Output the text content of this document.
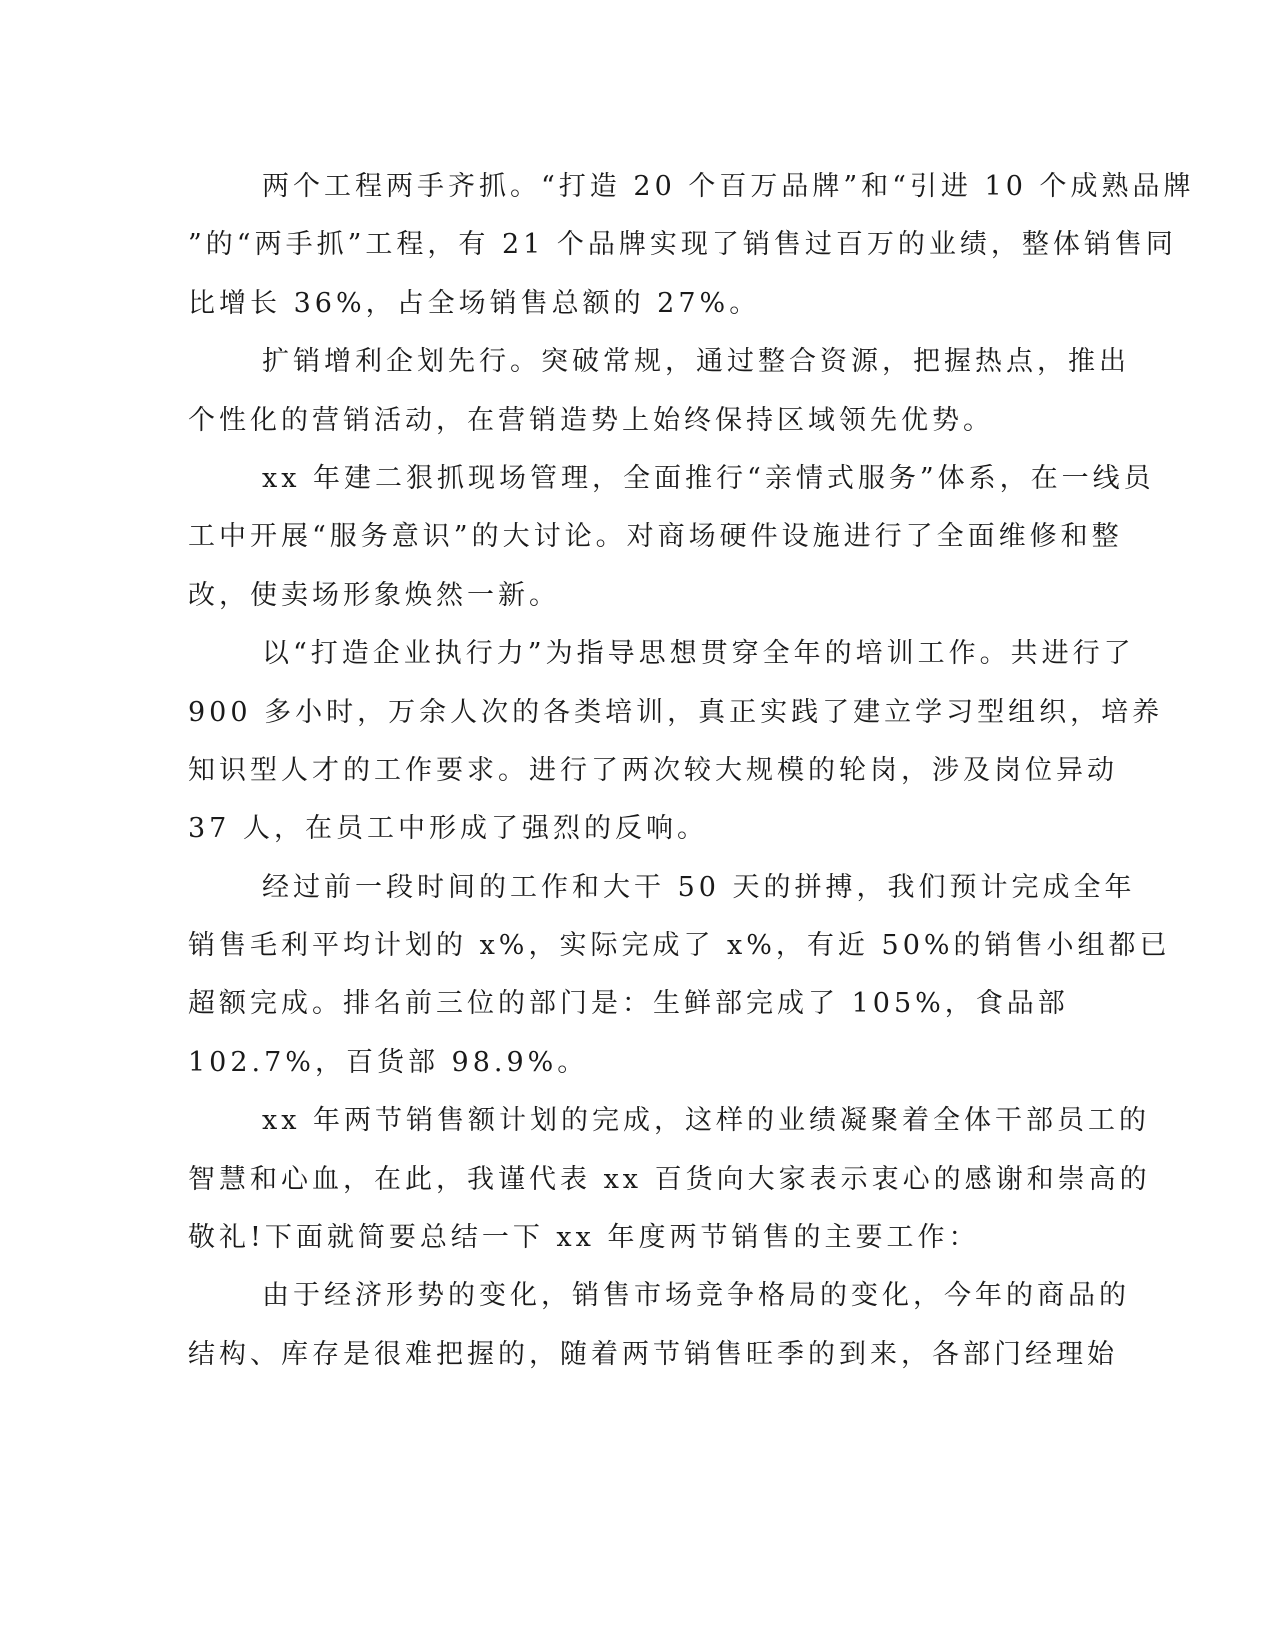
两个工程两手齐抓。“打造 20 个百万品牌”和“引进 10 个成熟品牌
”的“两手抓”工程，有 21 个品牌实现了销售过百万的业绩，整体销售同
比增长 36%，占全场销售总额的 27%。
扩销增利企划先行。突破常规，通过整合资源，把握热点，推出
个性化的营销活动，在营销造势上始终保持区域领先优势。
xx 年建二狠抓现场管理，全面推行“亲情式服务”体系，在一线员
工中开展“服务意识”的大讨论。对商场硬件设施进行了全面维修和整
改，使卖场形象焕然一新。
以“打造企业执行力”为指导思想贯穿全年的培训工作。共进行了
900 多小时，万余人次的各类培训，真正实践了建立学习型组织，培养
知识型人才的工作要求。进行了两次较大规模的轮岗，涉及岗位异动
37 人，在员工中形成了强烈的反响。
经过前一段时间的工作和大干 50 天的拼搏，我们预计完成全年
销售毛利平均计划的 x%，实际完成了 x%，有近 50%的销售小组都已
超额完成。排名前三位的部门是：生鲜部完成了 105%，食品部
102.7%，百货部 98.9%。
xx 年两节销售额计划的完成，这样的业绩凝聚着全体干部员工的
智慧和心血，在此，我谨代表 xx 百货向大家表示衷心的感谢和崇高的
敬礼!下面就简要总结一下 xx 年度两节销售的主要工作：
由于经济形势的变化，销售市场竞争格局的变化，今年的商品的
结构、库存是很难把握的，随着两节销售旺季的到来，各部门经理始
